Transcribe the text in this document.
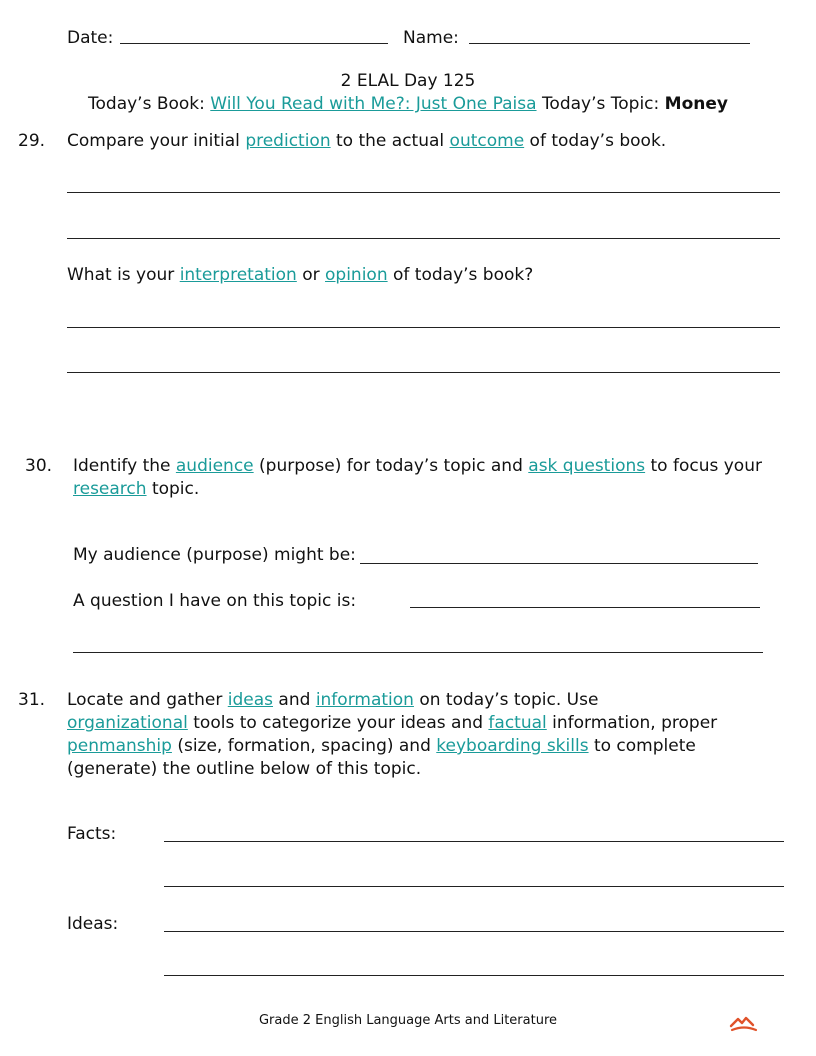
Date:	Name:
2 ELAL Day 125
Today’s Book: Will You Read with Me?: Just One Paisa Today’s Topic: Money
29. Compare your initial prediction to the actual outcome of today’s book.
What is your interpretation or opinion of today’s book?
30. Identify the audience (purpose) for today’s topic and ask questions to focus your
research topic.
My audience (purpose) might be:
A question I have on this topic is:
31. Locate and gather ideas and information on today’s topic. Use
organizational tools to categorize your ideas and factual information, proper
penmanship (size, formation, spacing) and keyboarding skills to complete
(generate) the outline below of this topic.
Facts:
Ideas:
Grade 2 English Language Arts and Literature
